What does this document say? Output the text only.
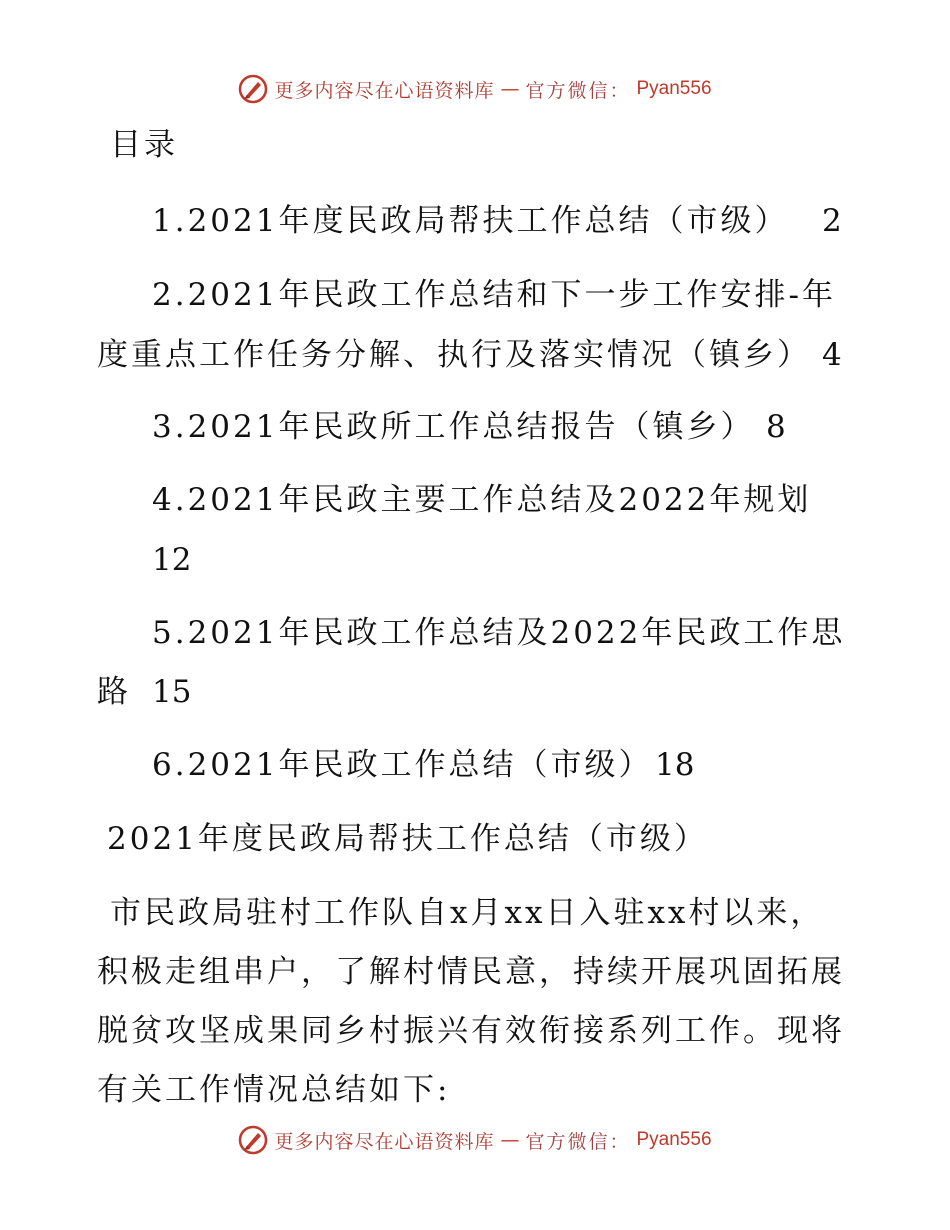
更多内容尽在心语资料库 — 官方微信： Pyan556
目录
1.2021年度民政局帮扶工作总结（市级） 2
2.2021年民政工作总结和下一步工作安排-年
度重点工作任务分解、执行及落实情况（镇乡） 4
3.2021年民政所工作总结报告（镇乡） 8
4.2021年民政主要工作总结及2022年规划
12
5.2021年民政工作总结及2022年民政工作思
路 15
6.2021年民政工作总结（市级） 18
2021年度民政局帮扶工作总结（市级）
市民政局驻村工作队自x月xx日入驻xx村以来，
积极走组串户，了解村情民意，持续开展巩固拓展
脱贫攻坚成果同乡村振兴有效衔接系列工作。现将
有关工作情况总结如下:
更多内容尽在心语资料库 — 官方微信： Pyan556
